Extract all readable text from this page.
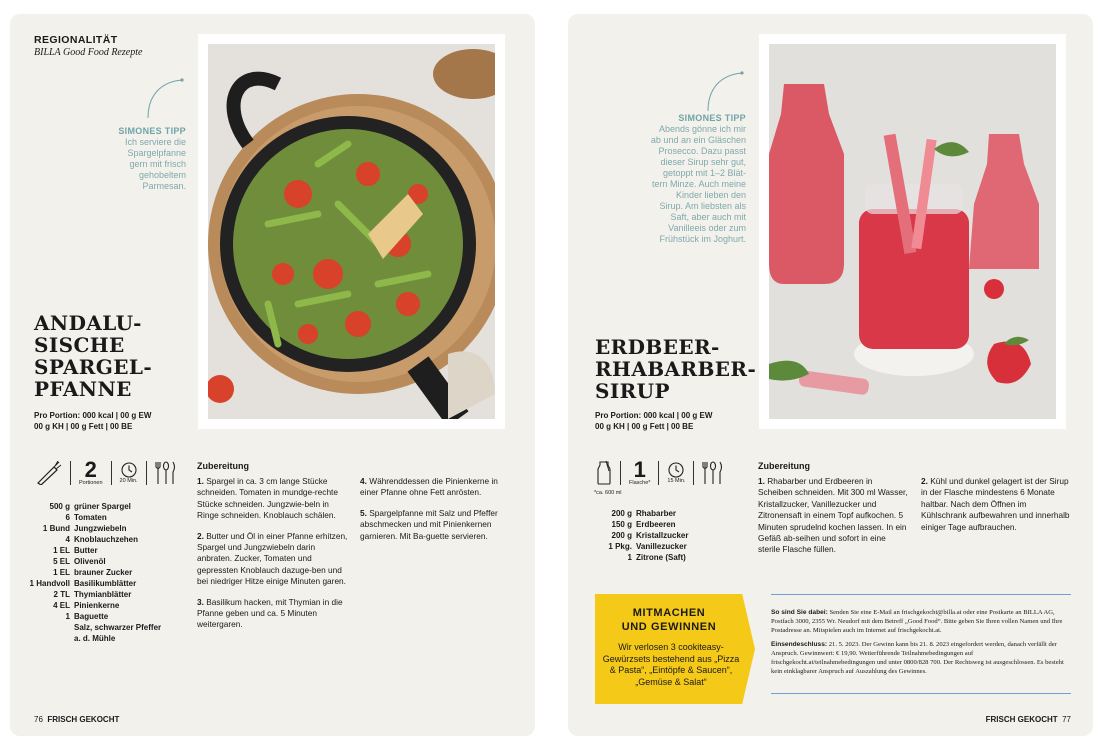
REGIONALITÄT
BILLA Good Food Rezepte
SIMONES TIPP
Ich serviere die
Spargelpfanne
gern mit frisch
gehobeltem
Parmesan.
ANDALU-
SISCHE
SPARGEL-
PFANNE
Pro Portion: 000 kcal | 00 g EW
00 g KH | 00 g Fett | 00 BE
2
Portionen	20 Min.
500 g grüner Spargel
6 Tomaten
1 Bund Jungzwiebeln
4 Knoblauchzehen
1 EL Butter
5 EL Olivenöl
1 EL brauner Zucker
1 Handvoll Basilikumblätter
2 TL Thymianblätter
4 EL Pinienkerne
1 Baguette
Salz, schwarzer Pfeffer
a. d. Mühle
Zubereitung

1. Spargel in ca. 3 cm lange Stücke schneiden. Tomaten in mundge-rechte Stücke schneiden. Jungzwie-beln in Ringe schneiden. Knoblauch schälen.

2. Butter und Öl in einer Pfanne erhitzen, Spargel und Jungzwiebeln darin anbraten. Zucker, Tomaten und gepressten Knoblauch dazuge-ben und bei niedriger Hitze einige Minuten garen.

3. Basilikum hacken, mit Thymian in die Pfanne geben und ca. 5 Minuten weitergaren.

4. Währenddessen die Pinienkerne in einer Pfanne ohne Fett anrösten.

5. Spargelpfanne mit Salz und Pfeffer abschmecken und mit Pinienkernen garnieren. Mit Ba-guette servieren.

76 FRISCH GEKOCHT
SIMONES TIPP
Abends gönne ich mir
ab und an ein Gläschen
Prosecco. Dazu passt
dieser Sirup sehr gut,
getoppt mit 1–2 Blät-
tern Minze. Auch meine
Kinder lieben den
Sirup. Am liebsten als
Saft, aber auch mit
Vanilleeis oder zum
Frühstück im Joghurt.
ERDBEER-
RHABARBER-
SIRUP
Pro Portion: 000 kcal | 00 g EW
00 g KH | 00 g Fett | 00 BE
1
Flasche*	15 Min.
*ca. 600 ml
200 g Rhabarber
150 g Erdbeeren
200 g Kristallzucker
1 Pkg. Vanillezucker
1 Zitrone (Saft)
Zubereitung

1. Rhabarber und Erdbeeren in Scheiben schneiden. Mit 300 ml Wasser, Kristallzucker, Vanillezucker und Zitronensaft in einem Topf aufkochen. 5 Minuten sprudelnd kochen lassen. In ein Gefäß ab-seihen und sofort in eine sterile Flasche füllen.

2. Kühl und dunkel gelagert ist der Sirup in der Flasche mindestens 6 Monate haltbar. Nach dem Öffnen im Kühlschrank aufbewahren und innerhalb einiger Tage aufbrauchen.

MITMACHEN
UND GEWINNEN
Wir verlosen 3 cookiteasy-Gewürzsets bestehend aus „Pizza & Pasta“, „Eintöpfe & Saucen“, „Gemüse & Salat“

So sind Sie dabei: Senden Sie eine E-Mail an frischgekocht@billa.at oder eine Postkarte an BILLA AG, Postfach 3000, 2355 Wr. Neudorf mit dem Betreff „Good Food“. Bitte geben Sie Ihren vollen Namen und Ihre Postadresse an. Mitspielen auch im Internet auf frischgekocht.at.

Einsendeschluss: 21. 5. 2023. Der Gewinn kann bis 21. 8. 2023 eingefordert werden, danach verfällt der Anspruch. Gewinnwert: € 19,90. Weiterführende Teilnahmebedingungen auf frischgekocht.at/teilnahmebedingungen und unter 0800/828 700. Der Rechtsweg ist ausgeschlossen. Es besteht kein einklagbarer Anspruch auf Auszahlung des Gewinnes.

FRISCH GEKOCHT 77
